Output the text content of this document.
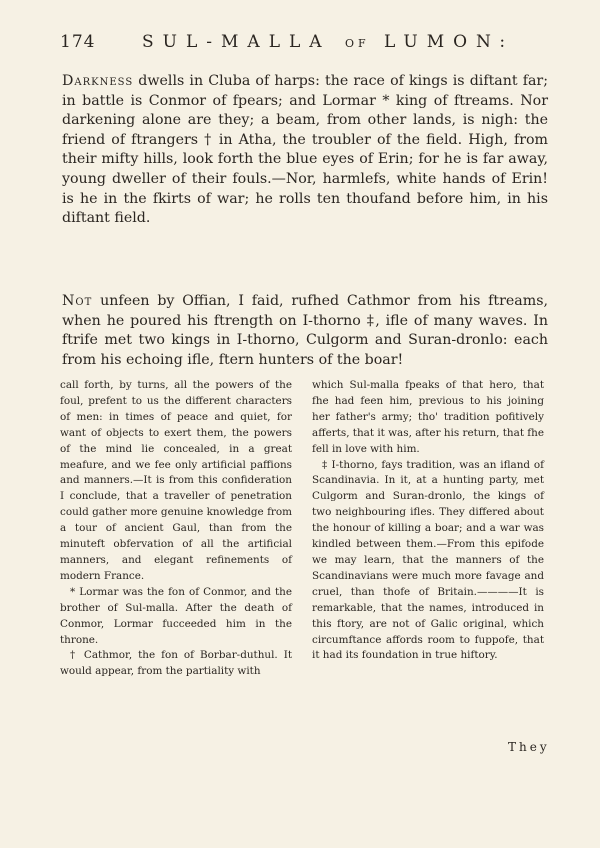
174	SUL-MALLA OF LUMON:
Darkness dwells in Cluba of harps: the race of kings is diftant far; in battle is Conmor of fpears; and Lormar * king of ftreams. Nor darkening alone are they; a beam, from other lands, is nigh: the friend of ftrangers † in Atha, the troubler of the field. High, from their mifty hills, look forth the blue eyes of Erin; for he is far away, young dweller of their fouls.—Nor, harmlefs, white hands of Erin! is he in the fkirts of war; he rolls ten thoufand before him, in his diftant field.
Not unfeen by Offian, I faid, rufhed Cathmor from his ftreams, when he poured his ftrength on I-thorno ‡, ifle of many waves. In ftrife met two kings in I-thorno, Culgorm and Suran-dronlo: each from his echoing ifle, ftern hunters of the boar!

call forth, by turns, all the powers of the foul, prefent to us the different characters of men: in times of peace and quiet, for want of objects to exert them, the powers of the mind lie concealed, in a great meafure, and we fee only artificial paffions and manners.—It is from this confideration I conclude, that a traveller of penetration could gather more genuine knowledge from a tour of ancient Gaul, than from the minuteft obfervation of all the artificial manners, and elegant refinements of modern France.

* Lormar was the fon of Conmor, and the brother of Sul-malla. After the death of Conmor, Lormar fucceeded him in the throne.

† Cathmor, the fon of Borbar-duthul. It would appear, from the partiality with

which Sul-malla fpeaks of that hero, that fhe had feen him, previous to his joining her father's army; tho' tradition pofitively afferts, that it was, after his return, that fhe fell in love with him.

‡ I-thorno, fays tradition, was an ifland of Scandinavia. In it, at a hunting party, met Culgorm and Suran-dronlo, the kings of two neighbouring ifles. They differed about the honour of killing a boar; and a war was kindled between them.—From this epifode we may learn, that the manners of the Scandinavians were much more favage and cruel, than thofe of Britain.————It is remarkable, that the names, introduced in this ftory, are not of Galic original, which circumftance affords room to fuppofe, that it had its foundation in true hiftory.

They
